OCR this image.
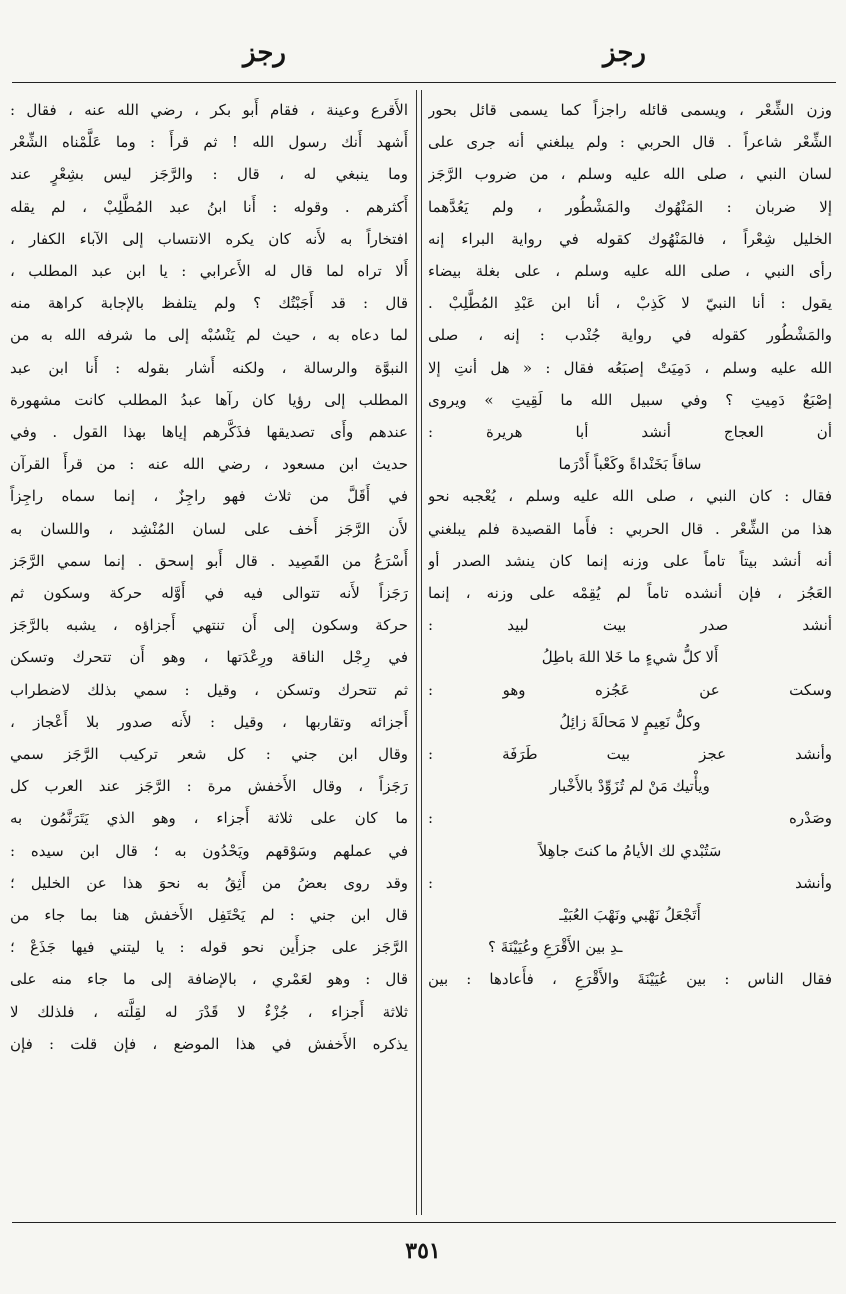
رجز
رجز
وزن الشِّعْر ، ويسمى قائله راجزاً كما يسمى قائل بحور
الشِّعْر شاعراً . قال الحربي : ولم يبلغني أنه جرى على
لسان النبي ، صلى الله عليه وسلم ، من ضروب الرَّجَز
إلا ضربان : المَنْهُوك والمَشْطُور ، ولم يَعُدَّهما
الخليل شِعْراً ، فالمَنْهُوك كقوله في رواية البراء إنه
رأى النبي ، صلى الله عليه وسلم ، على بغلة بيضاء
يقول : أنا النبيّ لا كَذِبْ ، أنا ابن عَبْدِ المُطَّلِبْ .
والمَشْطُور كقوله في رواية جُنْدب : إنه ، صلى
الله عليه وسلم ، دَمِيَتْ إصبَعُه فقال : « هل أنتِ إلا
إصْبَعٌ دَمِيتِ ؟ وفي سبيل الله ما لَقِيتِ » ويروى
أن العجاج أنشد أبا هريرة :
ساقاً بَخَنْداةً وكَعْباً أَدْرَما
فقال : كان النبي ، صلى الله عليه وسلم ، يُعْجبه نحو
هذا من الشِّعْر . قال الحربي : فأَما القصيدة فلم يبلغني
أنه أنشد بيتاً تاماً على وزنه إنما كان ينشد الصدر أو
العَجُز ، فإن أنشده تاماً لم يُقِمْه على وزنه ، إنما
أنشد صدر بيت لبيد :
أَلا كلُّ شيءٍ ما خَلا اللهَ باطِلُ
وسكت عن عَجُزه وهو :
وكلُّ نَعِيمٍ لا مَحالَةَ زائِلُ
وأنشد عجز بيت طَرَفَة :
ويأْتيك مَنْ لم تُزَوِّدْ بالأَخْبار
وصَدْره :
سَتُبْدي لك الأيامُ ما كنتَ جاهِلاً
وأنشد :
أَتَجْعَلُ نَهْبي ونَهْبَ العُبَيْـ
ـدِ بين الأَقْرَعِ وعُيَيْنَةَ ؟
فقال الناس : بين عُيَيْنَةَ والأَقْرَعِ ، فأَعادها : بين
الأَقرع وعينة ، فقام أَبو بكر ، رضي الله عنه ، فقال :
أَشهد أَنك رسول الله ! ثم قرأَ : وما عَلَّمْناه الشِّعْر
وما ينبغي له ، قال : والرَّجَز ليس بشِعْرٍ عند
أَكثرهم . وقوله : أَنا ابنُ عبد المُطَّلِبْ ، لم يقله
افتخاراً به لأَنه كان يكره الانتساب إلى الآباء الكفار ،
أَلا تراه لما قال له الأَعرابي : يا ابن عبد المطلب ،
قال : قد أَجَبْتُك ؟ ولم يتلفظ بالإجابة كراهة منه
لما دعاه به ، حيث لم يَنْسُبْه إلى ما شرفه الله به من
النبوَّة والرسالة ، ولكنه أَشار بقوله : أَنا ابن عبد
المطلب إلى رؤيا كان رآها عبدُ المطلب كانت مشهورة
عندهم وأَى تصديقها فذَكَّرهم إياها بهذا القول . وفي
حديث ابن مسعود ، رضي الله عنه : من قرأَ القرآن
في أَقَلَّ من ثلاث فهو راجِزٌ ، إنما سماه راجِزاً
لأَن الرَّجَز أَخف على لسان المُنْشِد ، واللسان به
أَسْرَعُ من القَصِيد . قال أَبو إسحق . إنما سمي الرَّجَز
رَجَزاً لأَنه تتوالى فيه في أَوَّله حركة وسكون ثم
حركة وسكون إلى أَن تنتهي أَجزاؤه ، يشبه بالرَّجَز
في رِجْل الناقة ورِعْدَتها ، وهو أَن تتحرك وتسكن
ثم تتحرك وتسكن ، وقيل : سمي بذلك لاضطراب
أَجزائه وتقاربها ، وقيل : لأَنه صدور بلا أَعْجاز ،
وقال ابن جني : كل شعر تركيب الرَّجَز سمي
رَجَزاً ، وقال الأَخفش مرة : الرَّجَز عند العرب كل
ما كان على ثلاثة أَجزاء ، وهو الذي يَتَرَنَّمُون به
في عملهم وسَوْقهم ويَحْدُون به ؛ قال ابن سيده :
وقد روى بعضُ من أَثِقُ به نحوَ هذا عن الخليل ؛
قال ابن جني : لم يَحْتَفِل الأَخفش هنا بما جاء من
الرَّجَز على جزأَين نحو قوله : يا ليتني فيها جَذَعْ ؛
قال : وهو لعَمْري ، بالإضافة إلى ما جاء منه على
ثلاثة أَجزاء ، جُزْءٌ لا قَدْرَ له لقِلَّته ، فلذلك لا
يذكره الأَخفش في هذا الموضع ، فإن قلت : فإن
٣٥١
